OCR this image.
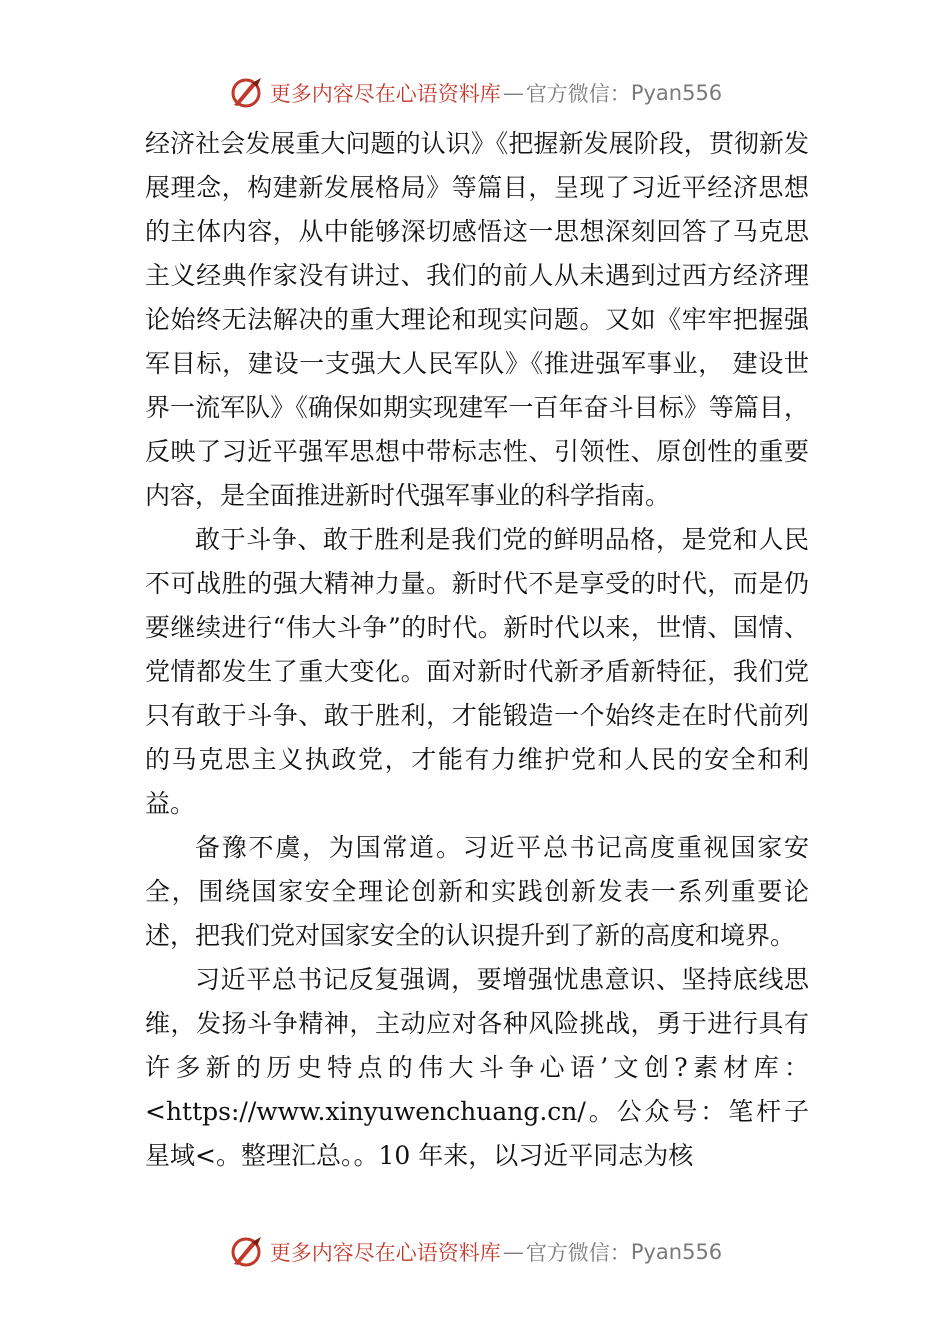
更多内容尽在心语资料库 — 官方微信： Pyan556

经济社会发展重大问题的认识》《把握新发展阶段，贯彻新发展理念，构建新发展格局》等篇目，呈现了习近平经济思想的主体内容，从中能够深切感悟这一思想深刻回答了马克思主义经典作家没有讲过、我们的前人从未遇到过西方经济理论始终无法解决的重大理论和现实问题。又如《牢牢把握强军目标，建设一支强大人民军队》《推进强军事业， 建设世界一流军队》《确保如期实现建军一百年奋斗目标》等篇目，反映了习近平强军思想中带标志性、引领性、原创性的重要内容，是全面推进新时代强军事业的科学指南。

敢于斗争、敢于胜利是我们党的鲜明品格，是党和人民不可战胜的强大精神力量。新时代不是享受的时代，而是仍要继续进行“伟大斗争”的时代。新时代以来，世情、国情、党情都发生了重大变化。面对新时代新矛盾新特征，我们党只有敢于斗争、敢于胜利，才能锻造一个始终走在时代前列的马克思主义执政党，才能有力维护党和人民的安全和利益。

备豫不虞，为国常道。习近平总书记高度重视国家安全，围绕国家安全理论创新和实践创新发表一系列重要论述，把我们党对国家安全的认识提升到了新的高度和境界。

习近平总书记反复强调，要增强忧患意识、坚持底线思维，发扬斗争精神，主动应对各种风险挑战，勇于进行具有许多新的历史特点的伟大斗争心语’文创?素材库：<https://www.xinyuwenchuang.cn/。公众号：笔杆子星域<。整理汇总。。10 年来，以习近平同志为核

更多内容尽在心语资料库 — 官方微信： Pyan556
